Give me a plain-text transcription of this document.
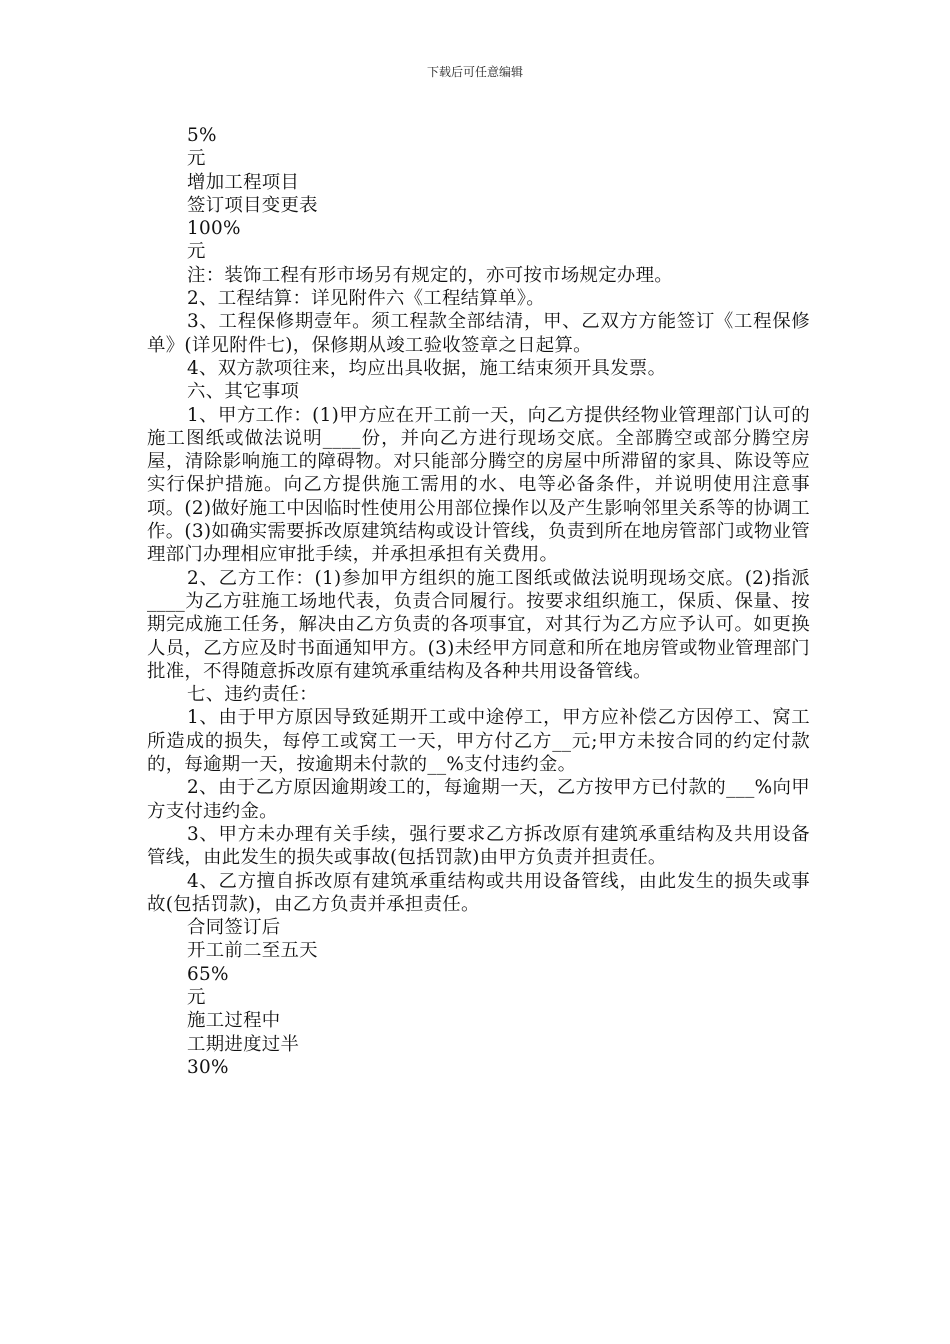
下载后可任意编辑
5%
元
增加工程项目
签订项目变更表
100%
元
注：装饰工程有形市场另有规定的，亦可按市场规定办理。
2、工程结算：详见附件六《工程结算单》。
3、工程保修期壹年。须工程款全部结清，甲、乙双方方能签订《工程保修单》(详见附件七)，保修期从竣工验收签章之日起算。
4、双方款项往来，均应出具收据，施工结束须开具发票。
六、其它事项
1、甲方工作：(1)甲方应在开工前一天，向乙方提供经物业管理部门认可的施工图纸或做法说明____份，并向乙方进行现场交底。全部腾空或部分腾空房屋，清除影响施工的障碍物。对只能部分腾空的房屋中所滞留的家具、陈设等应实行保护措施。向乙方提供施工需用的水、电等必备条件，并说明使用注意事项。(2)做好施工中因临时性使用公用部位操作以及产生影响邻里关系等的协调工作。(3)如确实需要拆改原建筑结构或设计管线，负责到所在地房管部门或物业管理部门办理相应审批手续，并承担承担有关费用。
2、乙方工作：(1)参加甲方组织的施工图纸或做法说明现场交底。(2)指派____为乙方驻施工场地代表，负责合同履行。按要求组织施工，保质、保量、按期完成施工任务，解决由乙方负责的各项事宜，对其行为乙方应予认可。如更换人员，乙方应及时书面通知甲方。(3)未经甲方同意和所在地房管或物业管理部门批准，不得随意拆改原有建筑承重结构及各种共用设备管线。
七、违约责任：
1、由于甲方原因导致延期开工或中途停工，甲方应补偿乙方因停工、窝工所造成的损失，每停工或窝工一天，甲方付乙方__元;甲方未按合同的约定付款的，每逾期一天，按逾期未付款的__%支付违约金。
2、由于乙方原因逾期竣工的，每逾期一天，乙方按甲方已付款的___%向甲方支付违约金。
3、甲方未办理有关手续，强行要求乙方拆改原有建筑承重结构及共用设备管线，由此发生的损失或事故(包括罚款)由甲方负责并担责任。
4、乙方擅自拆改原有建筑承重结构或共用设备管线，由此发生的损失或事故(包括罚款)，由乙方负责并承担责任。
合同签订后
开工前二至五天
65%
元
施工过程中
工期进度过半
30%
